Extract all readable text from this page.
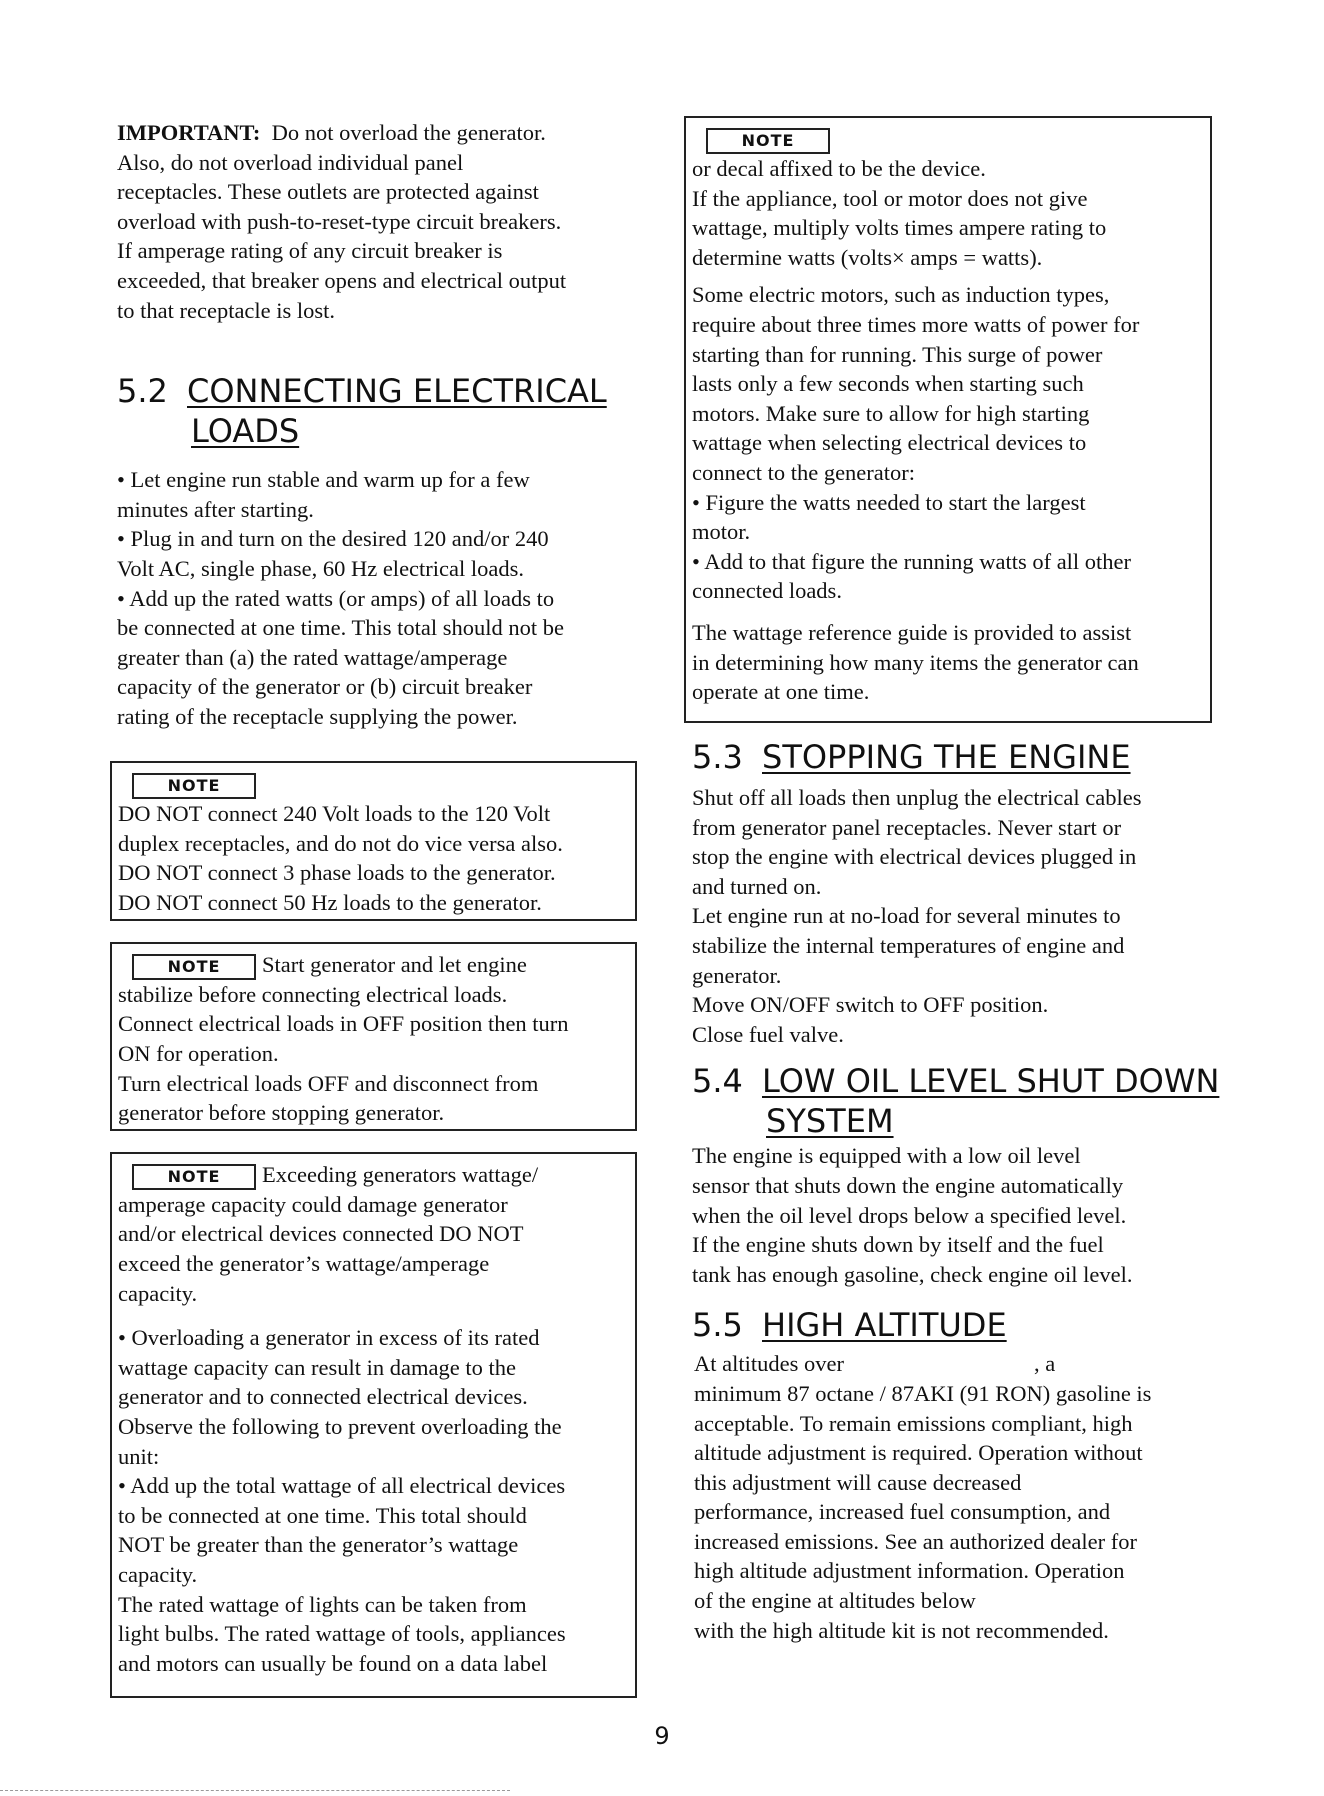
IMPORTANT: Do not overload the generator.
Also, do not overload individual panel
receptacles. These outlets are protected against
overload with push-to-reset-type circuit breakers.
If amperage rating of any circuit breaker is
exceeded, that breaker opens and electrical output
to that receptacle is lost.

5.2 CONNECTING ELECTRICAL
LOADS

• Let engine run stable and warm up for a few
minutes after starting.
• Plug in and turn on the desired 120 and/or 240
Volt AC, single phase, 60 Hz electrical loads.
• Add up the rated watts (or amps) of all loads to
be connected at one time. This total should not be
greater than (a) the rated wattage/amperage
capacity of the generator or (b) circuit breaker
rating of the receptacle supplying the power.

NOTE
DO NOT connect 240 Volt loads to the 120 Volt
duplex receptacles, and do not do vice versa also.
DO NOT connect 3 phase loads to the generator.
DO NOT connect 50 Hz loads to the generator.
NOTE Start generator and let engine
stabilize before connecting electrical loads.
Connect electrical loads in OFF position then turn
ON for operation.
Turn electrical loads OFF and disconnect from
generator before stopping generator.
NOTE Exceeding generators wattage/
amperage capacity could damage generator
and/or electrical devices connected DO NOT
exceed the generator’s wattage/amperage
capacity.
• Overloading a generator in excess of its rated
wattage capacity can result in damage to the
generator and to connected electrical devices.
Observe the following to prevent overloading the
unit:
• Add up the total wattage of all electrical devices
to be connected at one time. This total should
NOT be greater than the generator’s wattage
capacity.
The rated wattage of lights can be taken from
light bulbs. The rated wattage of tools, appliances
and motors can usually be found on a data label
NOTE
or decal affixed to be the device.
If the appliance, tool or motor does not give
wattage, multiply volts times ampere rating to
determine watts (volts× amps = watts).
Some electric motors, such as induction types,
require about three times more watts of power for
starting than for running. This surge of power
lasts only a few seconds when starting such
motors. Make sure to allow for high starting
wattage when selecting electrical devices to
connect to the generator:
• Figure the watts needed to start the largest
motor.
• Add to that figure the running watts of all other
connected loads.
The wattage reference guide is provided to assist
in determining how many items the generator can
operate at one time.
5.3 STOPPING THE ENGINE

Shut off all loads then unplug the electrical cables
from generator panel receptacles. Never start or
stop the engine with electrical devices plugged in
and turned on.
Let engine run at no-load for several minutes to
stabilize the internal temperatures of engine and
generator.
Move ON/OFF switch to OFF position.
Close fuel valve.

5.4 LOW OIL LEVEL SHUT DOWN
SYSTEM

The engine is equipped with a low oil level
sensor that shuts down the engine automatically
when the oil level drops below a specified level.
If the engine shuts down by itself and the fuel
tank has enough gasoline, check engine oil level.

5.5 HIGH ALTITUDE

At altitudes over	, a
minimum 87 octane / 87AKI (91 RON) gasoline is
acceptable. To remain emissions compliant, high
altitude adjustment is required. Operation without
this adjustment will cause decreased
performance, increased fuel consumption, and
increased emissions. See an authorized dealer for
high altitude adjustment information. Operation
of the engine at altitudes below
with the high altitude kit is not recommended.

9
